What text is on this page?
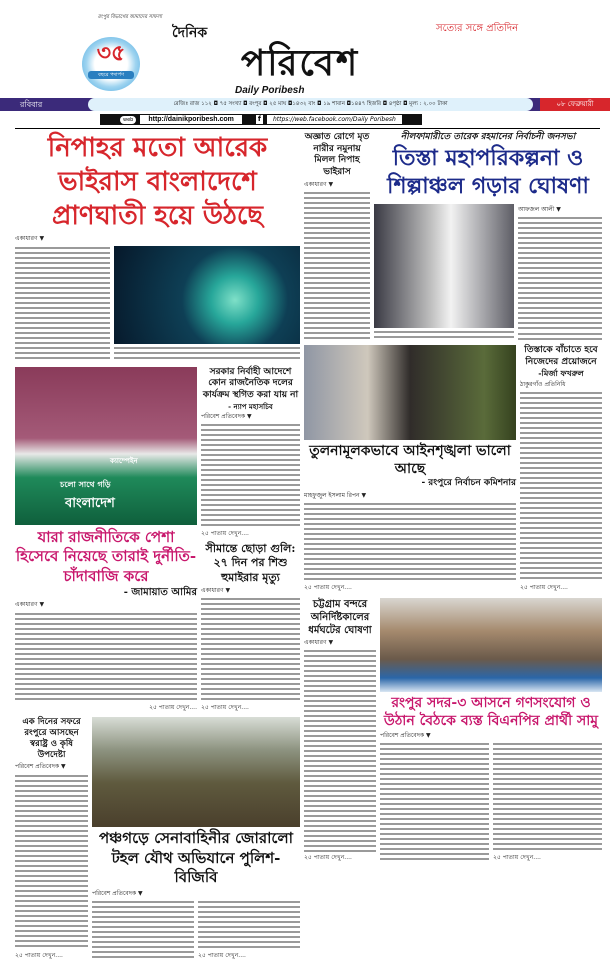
রংপুর বিভাগের আমাদের সাফল্য
৩৫
বছরে পদার্পণ
দৈনিক
পরিবেশ
Daily Poribesh
সত্যের সঙ্গে প্রতিদিন
রবিবার	রেজিঃ রাজ ১১২ ◘ ৭৫ সংখ্যা ◘ রংপুর ◘ ২৫ মাঘ ◘১৪৩২ বাং ◘ ১৯ শাবান ◘১৪৪৭ হিজরি ◘ ৪পৃষ্ঠা ◘ মূল্য : ২.০০ টাকা	০৮ ফেব্রুয়ারী
web	http://dainikporibesh.com	f	https://web.facebook.com/Daily Poribesh
নিপাহর মতো আরেক ভাইরাস বাংলাদেশে প্রাণঘাতী হয়ে উঠছে
একাধারণ ▼
ক্যাম্পেইন
চলো সাথে গড়ি
বাংলাদেশ
যারা রাজনীতিকে পেশা হিসেবে নিয়েছে তারাই দুর্নীতি-চাঁদাবাজি করে
- জামায়াত আমির
একাধারণ ▼
২৫ পাতায় দেখুন....
সরকার নির্বাহী আদেশে কোন রাজনৈতিক দলের কার্যক্রম স্থগিত করা যায় না
- ন্যাপ মহাসচিব
পরিবেশ প্রতিবেদক ▼
২৫ পাতায় দেখুন....
সীমান্তে ছোড়া গুলি: ২৭ দিন পর শিশু হুমাইরার মৃত্যু
একাধারণ ▼
২৫ পাতায় দেখুন....
এক দিনের সফরে রংপুরে আসছেন স্বরাষ্ট্র ও কৃষি উপদেষ্টা
পরিবেশ প্রতিবেদক ▼
২৫ পাতায় দেখুন....
পঞ্চগড়ে সেনাবাহিনীর জোরালো টহল যৌথ অভিযানে পুলিশ-বিজিবি
পরিবেশ প্রতিবেদক ▼
২৫ পাতায় দেখুন....
অজ্ঞাত রোগে মৃত নারীর নমুনায় মিলল নিপাহ ভাইরাস
একাধারণ ▼
নীলফামারীতে তারেক রহমানের নির্বাচনী জনসভা
তিস্তা মহাপরিকল্পনা ও শিল্পাঞ্চল গড়ার ঘোষণা
আফজল আলী ▼
তুলনামূলকভাবে আইনশৃঙ্খলা ভালো আছে
- রংপুরে নির্বাচন কমিশনার
মাহফুজুল ইসলাম রিপন ▼
২৫ পাতায় দেখুন....
তিস্তাকে বাঁচাতে হবে নিজেদের প্রয়োজনে
-মির্জা ফখরুল
ঠাকুরগাঁও প্রতিনিধি
২৫ পাতায় দেখুন....
চট্টগ্রাম বন্দরে অনির্দিষ্টকালের ধর্মঘটের ঘোষণা
একাধারণ ▼
২৫ পাতায় দেখুন....
রংপুর সদর-৩ আসনে গণসংযোগ ও উঠান বৈঠকে ব্যস্ত বিএনপির প্রার্থী সামু
পরিবেশ প্রতিবেদক ▼
২৫ পাতায় দেখুন....
